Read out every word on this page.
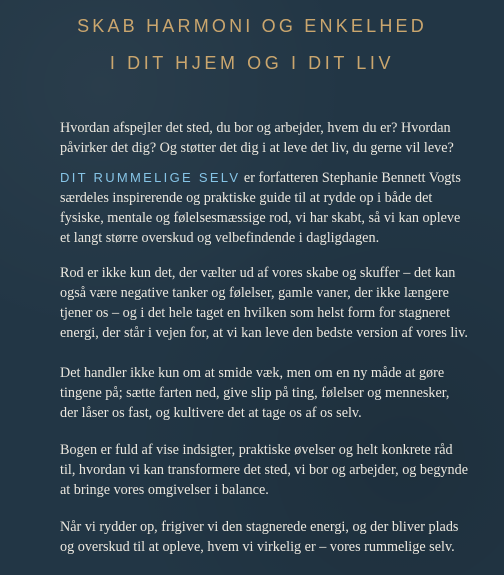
SKAB HARMONI OG ENKELHED
I DIT HJEM OG I DIT LIV

Hvordan afspejler det sted, du bor og arbejder, hvem du er? Hvordan påvirker det dig? Og støtter det dig i at leve det liv, du gerne vil leve?

DIT RUMMELIGE SELV er forfatteren Stephanie Bennett Vogts særdeles inspirerende og praktiske guide til at rydde op i både det fysiske, mentale og følelsesmæssige rod, vi har skabt, så vi kan opleve et langt større overskud og velbefindende i dagligdagen.

Rod er ikke kun det, der vælter ud af vores skabe og skuffer – det kan også være negative tanker og følelser, gamle vaner, der ikke længere tjener os – og i det hele taget en hvilken som helst form for stagneret energi, der står i vejen for, at vi kan leve den bedste version af vores liv.

Det handler ikke kun om at smide væk, men om en ny måde at gøre tingene på; sætte farten ned, give slip på ting, følelser og mennesker, der låser os fast, og kultivere det at tage os af os selv.

Bogen er fuld af vise indsigter, praktiske øvelser og helt konkrete råd til, hvordan vi kan transformere det sted, vi bor og arbejder, og begynde at bringe vores omgivelser i balance.

Når vi rydder op, frigiver vi den stagnerede energi, og der bliver plads og overskud til at opleve, hvem vi virkelig er – vores rummelige selv.
